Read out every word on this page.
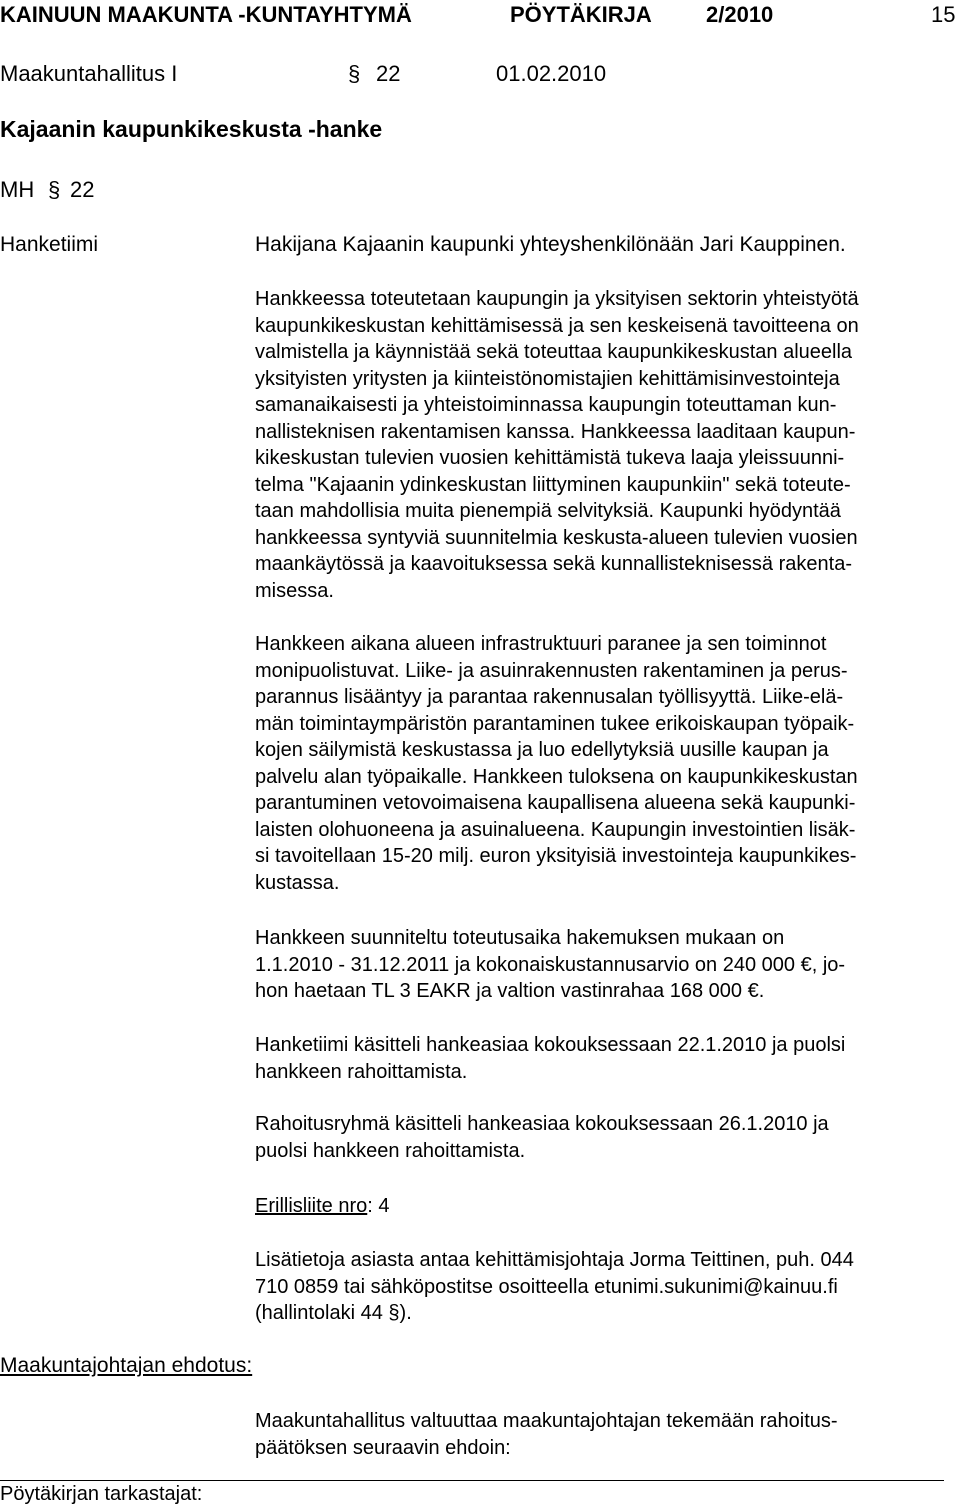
KAINUUN MAAKUNTA -KUNTAYHTYMÄ	PÖYTÄKIRJA 2/2010	15
Maakuntahallitus I	§ 22	01.02.2010
Kajaanin kaupunkikeskusta -hanke
MH § 22
Hanketiimi	Hakijana Kajaanin kaupunki yhteyshenkilönään Jari Kauppinen.
Hankkeessa toteutetaan kaupungin ja yksityisen sektorin yhteistyötä
kaupunkikeskustan kehittämisessä ja sen keskeisenä tavoitteena on
valmistella ja käynnistää sekä toteuttaa kaupunkikeskustan alueella
yksityisten yritysten ja kiinteistönomistajien kehittämisinvestointeja
samanaikaisesti ja yhteistoiminnassa kaupungin toteuttaman kun-
nallisteknisen rakentamisen kanssa. Hankkeessa laaditaan kaupun-
kikeskustan tulevien vuosien kehittämistä tukeva laaja yleissuunni-
telma "Kajaanin ydinkeskustan liittyminen kaupunkiin" sekä toteute-
taan mahdollisia muita pienempiä selvityksiä. Kaupunki hyödyntää
hankkeessa syntyviä suunnitelmia keskusta-alueen tulevien vuosien
maankäytössä ja kaavoituksessa sekä kunnallisteknisessä rakenta-
misessa.
Hankkeen aikana alueen infrastruktuuri paranee ja sen toiminnot
monipuolistuvat. Liike- ja asuinrakennusten rakentaminen ja perus-
parannus lisääntyy ja parantaa rakennusalan työllisyyttä. Liike-elä-
män toimintaympäristön parantaminen tukee erikoiskaupan työpaik-
kojen säilymistä keskustassa ja luo edellytyksiä uusille kaupan ja
palvelu alan työpaikalle. Hankkeen tuloksena on kaupunkikeskustan
parantuminen vetovoimaisena kaupallisena alueena sekä kaupunki-
laisten olohuoneena ja asuinalueena. Kaupungin investointien lisäk-
si tavoitellaan 15-20 milj. euron yksityisiä investointeja kaupunkikes-
kustassa.
Hankkeen suunniteltu toteutusaika hakemuksen mukaan on
1.1.2010 - 31.12.2011 ja kokonaiskustannusarvio on 240 000 €, jo-
hon haetaan TL 3 EAKR ja valtion vastinrahaa 168 000 €.
Hanketiimi käsitteli hankeasiaa kokouksessaan 22.1.2010 ja puolsi
hankkeen rahoittamista.
Rahoitusryhmä käsitteli hankeasiaa kokouksessaan 26.1.2010 ja
puolsi hankkeen rahoittamista.
Erillisliite nro: 4
Lisätietoja asiasta antaa kehittämisjohtaja Jorma Teittinen, puh. 044
710 0859 tai sähköpostitse osoitteella etunimi.sukunimi@kainuu.fi
(hallintolaki 44 §).
Maakuntajohtajan ehdotus:
Maakuntahallitus valtuuttaa maakuntajohtajan tekemään rahoitus-
päätöksen seuraavin ehdoin:
Pöytäkirjan tarkastajat:
